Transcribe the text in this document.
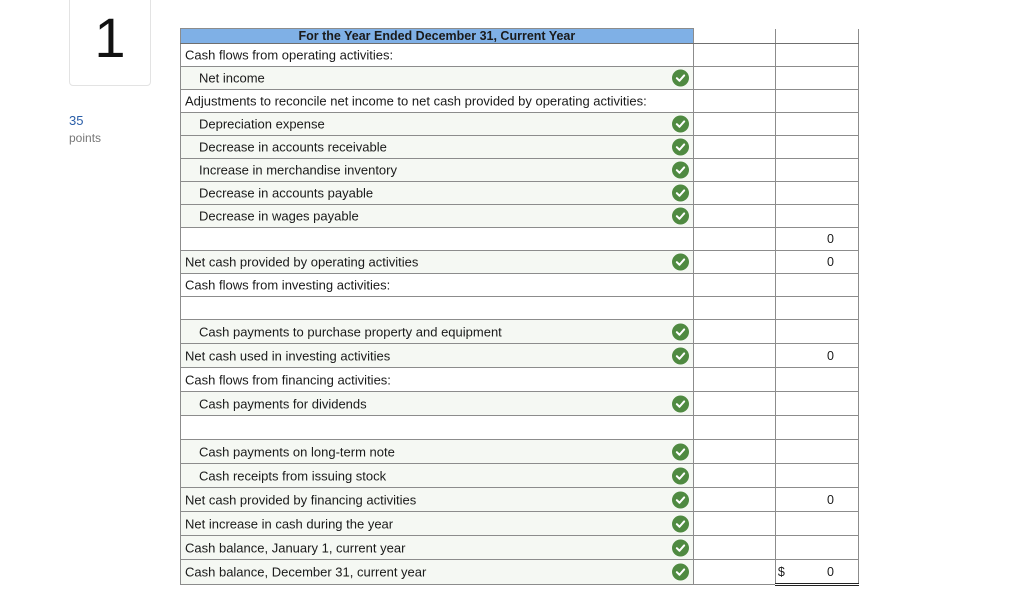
1
35
points
For the Year Ended December 31, Current Year		

Cash flows from operating activities:		

Net income		

Adjustments to reconcile net income to net cash provided by operating activities:		

Depreciation expense		

Decrease in accounts receivable		

Increase in merchandise inventory		

Decrease in accounts payable		

Decrease in wages payable		

			0

Net cash provided by operating activities			0

Cash flows from investing activities:		

Cash payments to purchase property and equipment		

Net cash used in investing activities			0

Cash flows from financing activities:		

Cash payments for dividends		

Cash payments on long-term note		

Cash receipts from issuing stock		

Net cash provided by financing activities			0

Net increase in cash during the year		

Cash balance, January 1, current year		

Cash balance, December 31, current year			$ 0
